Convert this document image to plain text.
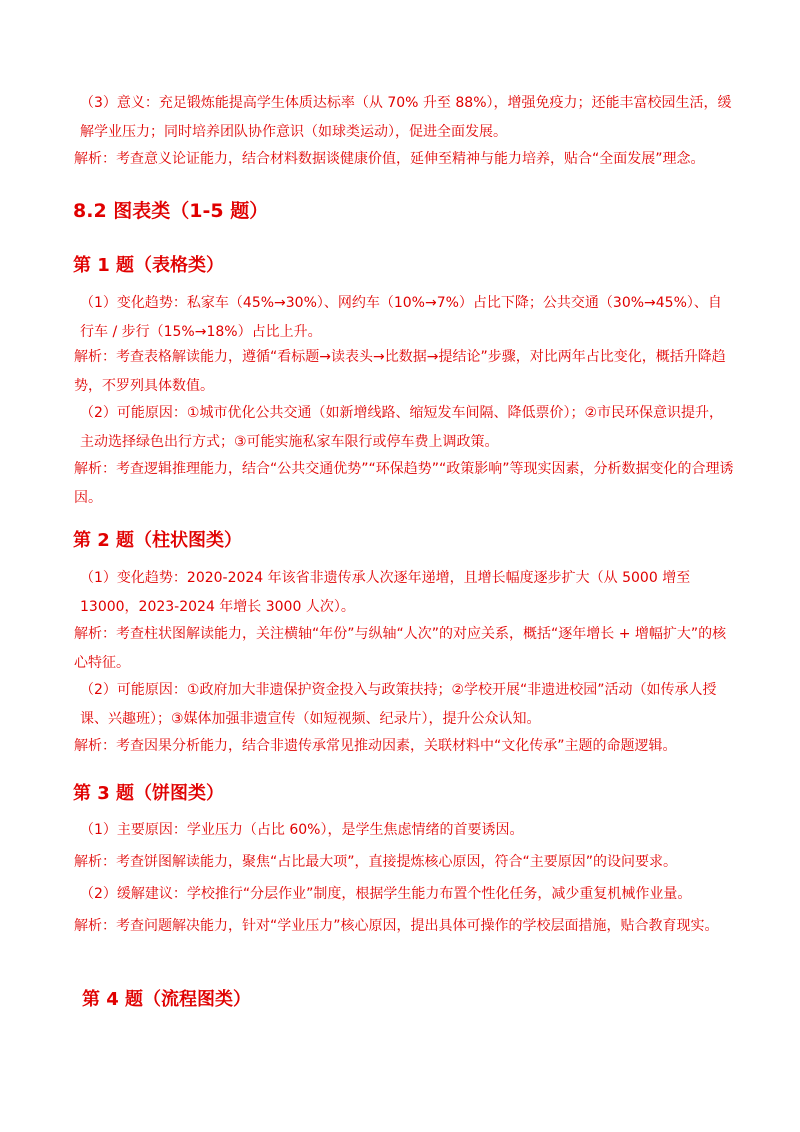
（3）意义：充足锻炼能提高学生体质达标率（从 70% 升至 88%），增强免疫力；还能丰富校园生活，缓解学业压力；同时培养团队协作意识（如球类运动），促进全面发展。

解析：考查意义论证能力，结合材料数据谈健康价值，延伸至精神与能力培养，贴合“全面发展”理念。

8.2 图表类（1-5 题）
第 1 题（表格类）

（1）变化趋势：私家车（45%→30%）、网约车（10%→7%）占比下降；公共交通（30%→45%）、自行车 / 步行（15%→18%）占比上升。

解析：考查表格解读能力，遵循“看标题→读表头→比数据→提结论”步骤，对比两年占比变化，概括升降趋势，不罗列具体数值。

（2）可能原因：①城市优化公共交通（如新增线路、缩短发车间隔、降低票价）；②市民环保意识提升，主动选择绿色出行方式；③可能实施私家车限行或停车费上调政策。

解析：考查逻辑推理能力，结合“公共交通优势”“环保趋势”“政策影响”等现实因素，分析数据变化的合理诱因。

第 2 题（柱状图类）

（1）变化趋势：2020-2024 年该省非遗传承人次逐年递增，且增长幅度逐步扩大（从 5000 增至 13000，2023-2024 年增长 3000 人次）。

解析：考查柱状图解读能力，关注横轴“年份”与纵轴“人次”的对应关系，概括“逐年增长 + 增幅扩大”的核心特征。

（2）可能原因：①政府加大非遗保护资金投入与政策扶持；②学校开展“非遗进校园”活动（如传承人授课、兴趣班）；③媒体加强非遗宣传（如短视频、纪录片），提升公众认知。

解析：考查因果分析能力，结合非遗传承常见推动因素，关联材料中“文化传承”主题的命题逻辑。

第 3 题（饼图类）

（1）主要原因：学业压力（占比 60%），是学生焦虑情绪的首要诱因。

解析：考查饼图解读能力，聚焦“占比最大项”，直接提炼核心原因，符合“主要原因”的设问要求。

（2）缓解建议：学校推行“分层作业”制度，根据学生能力布置个性化任务，减少重复机械作业量。

解析：考查问题解决能力，针对“学业压力”核心原因，提出具体可操作的学校层面措施，贴合教育现实。

第 4 题（流程图类）
